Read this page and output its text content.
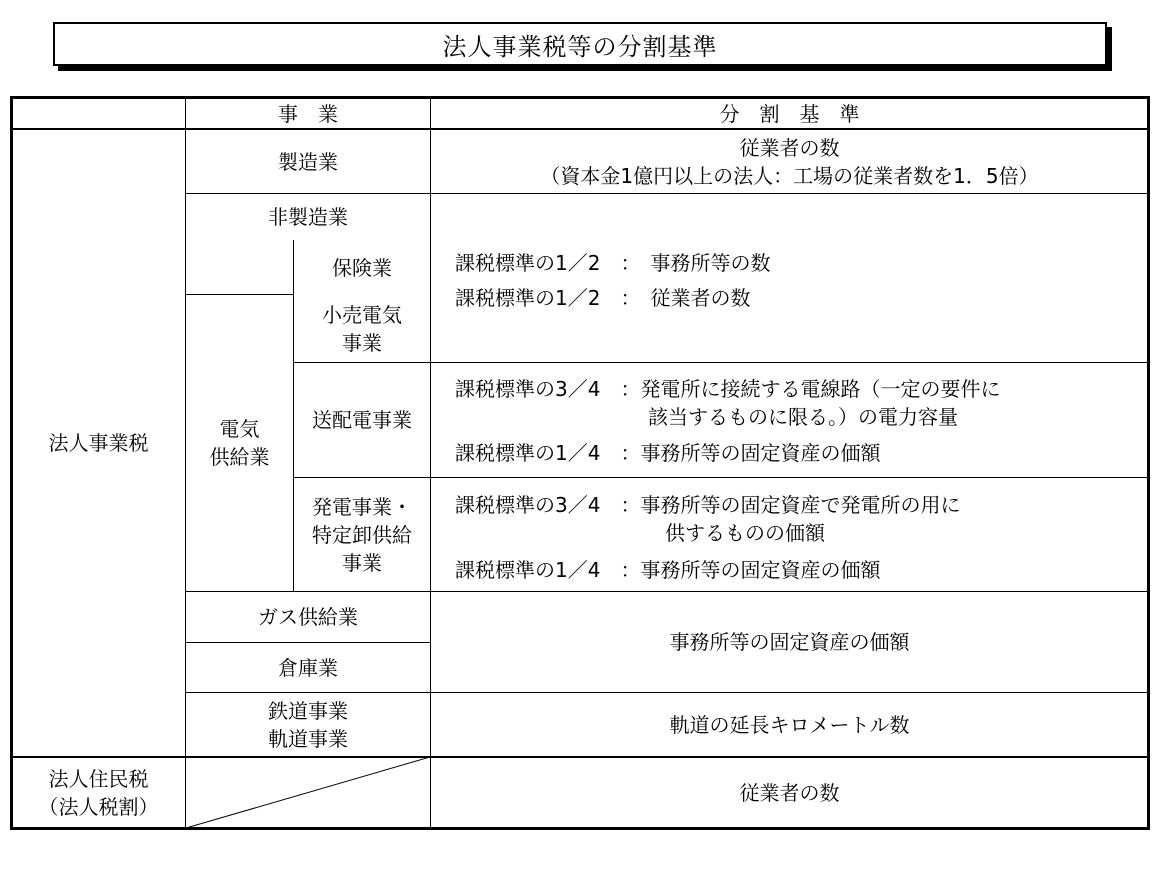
法人事業税等の分割基準
事　業	分　割　基　準
法人事業税
製造業
従業者の数
（資本金1億円以上の法人：工場の従業者数を1．5倍）
非製造業
保険業	課税標準の1／2　：　事務所等の数
課税標準の1／2　：　従業者の数
電気
供給業
小売電気
事業
送配電事業
課税標準の3／4　：発電所に接続する電線路（一定の要件に
該当するものに限る。）の電力容量
課税標準の1／4　：事務所等の固定資産の価額
発電事業・
特定卸供給
事業
課税標準の3／4　：事務所等の固定資産で発電所の用に
供するものの価額
課税標準の1／4　：事務所等の固定資産の価額
ガス供給業
倉庫業
事務所等の固定資産の価額
鉄道事業
軌道事業
軌道の延長キロメートル数
法人住民税
（法人税割）
従業者の数
